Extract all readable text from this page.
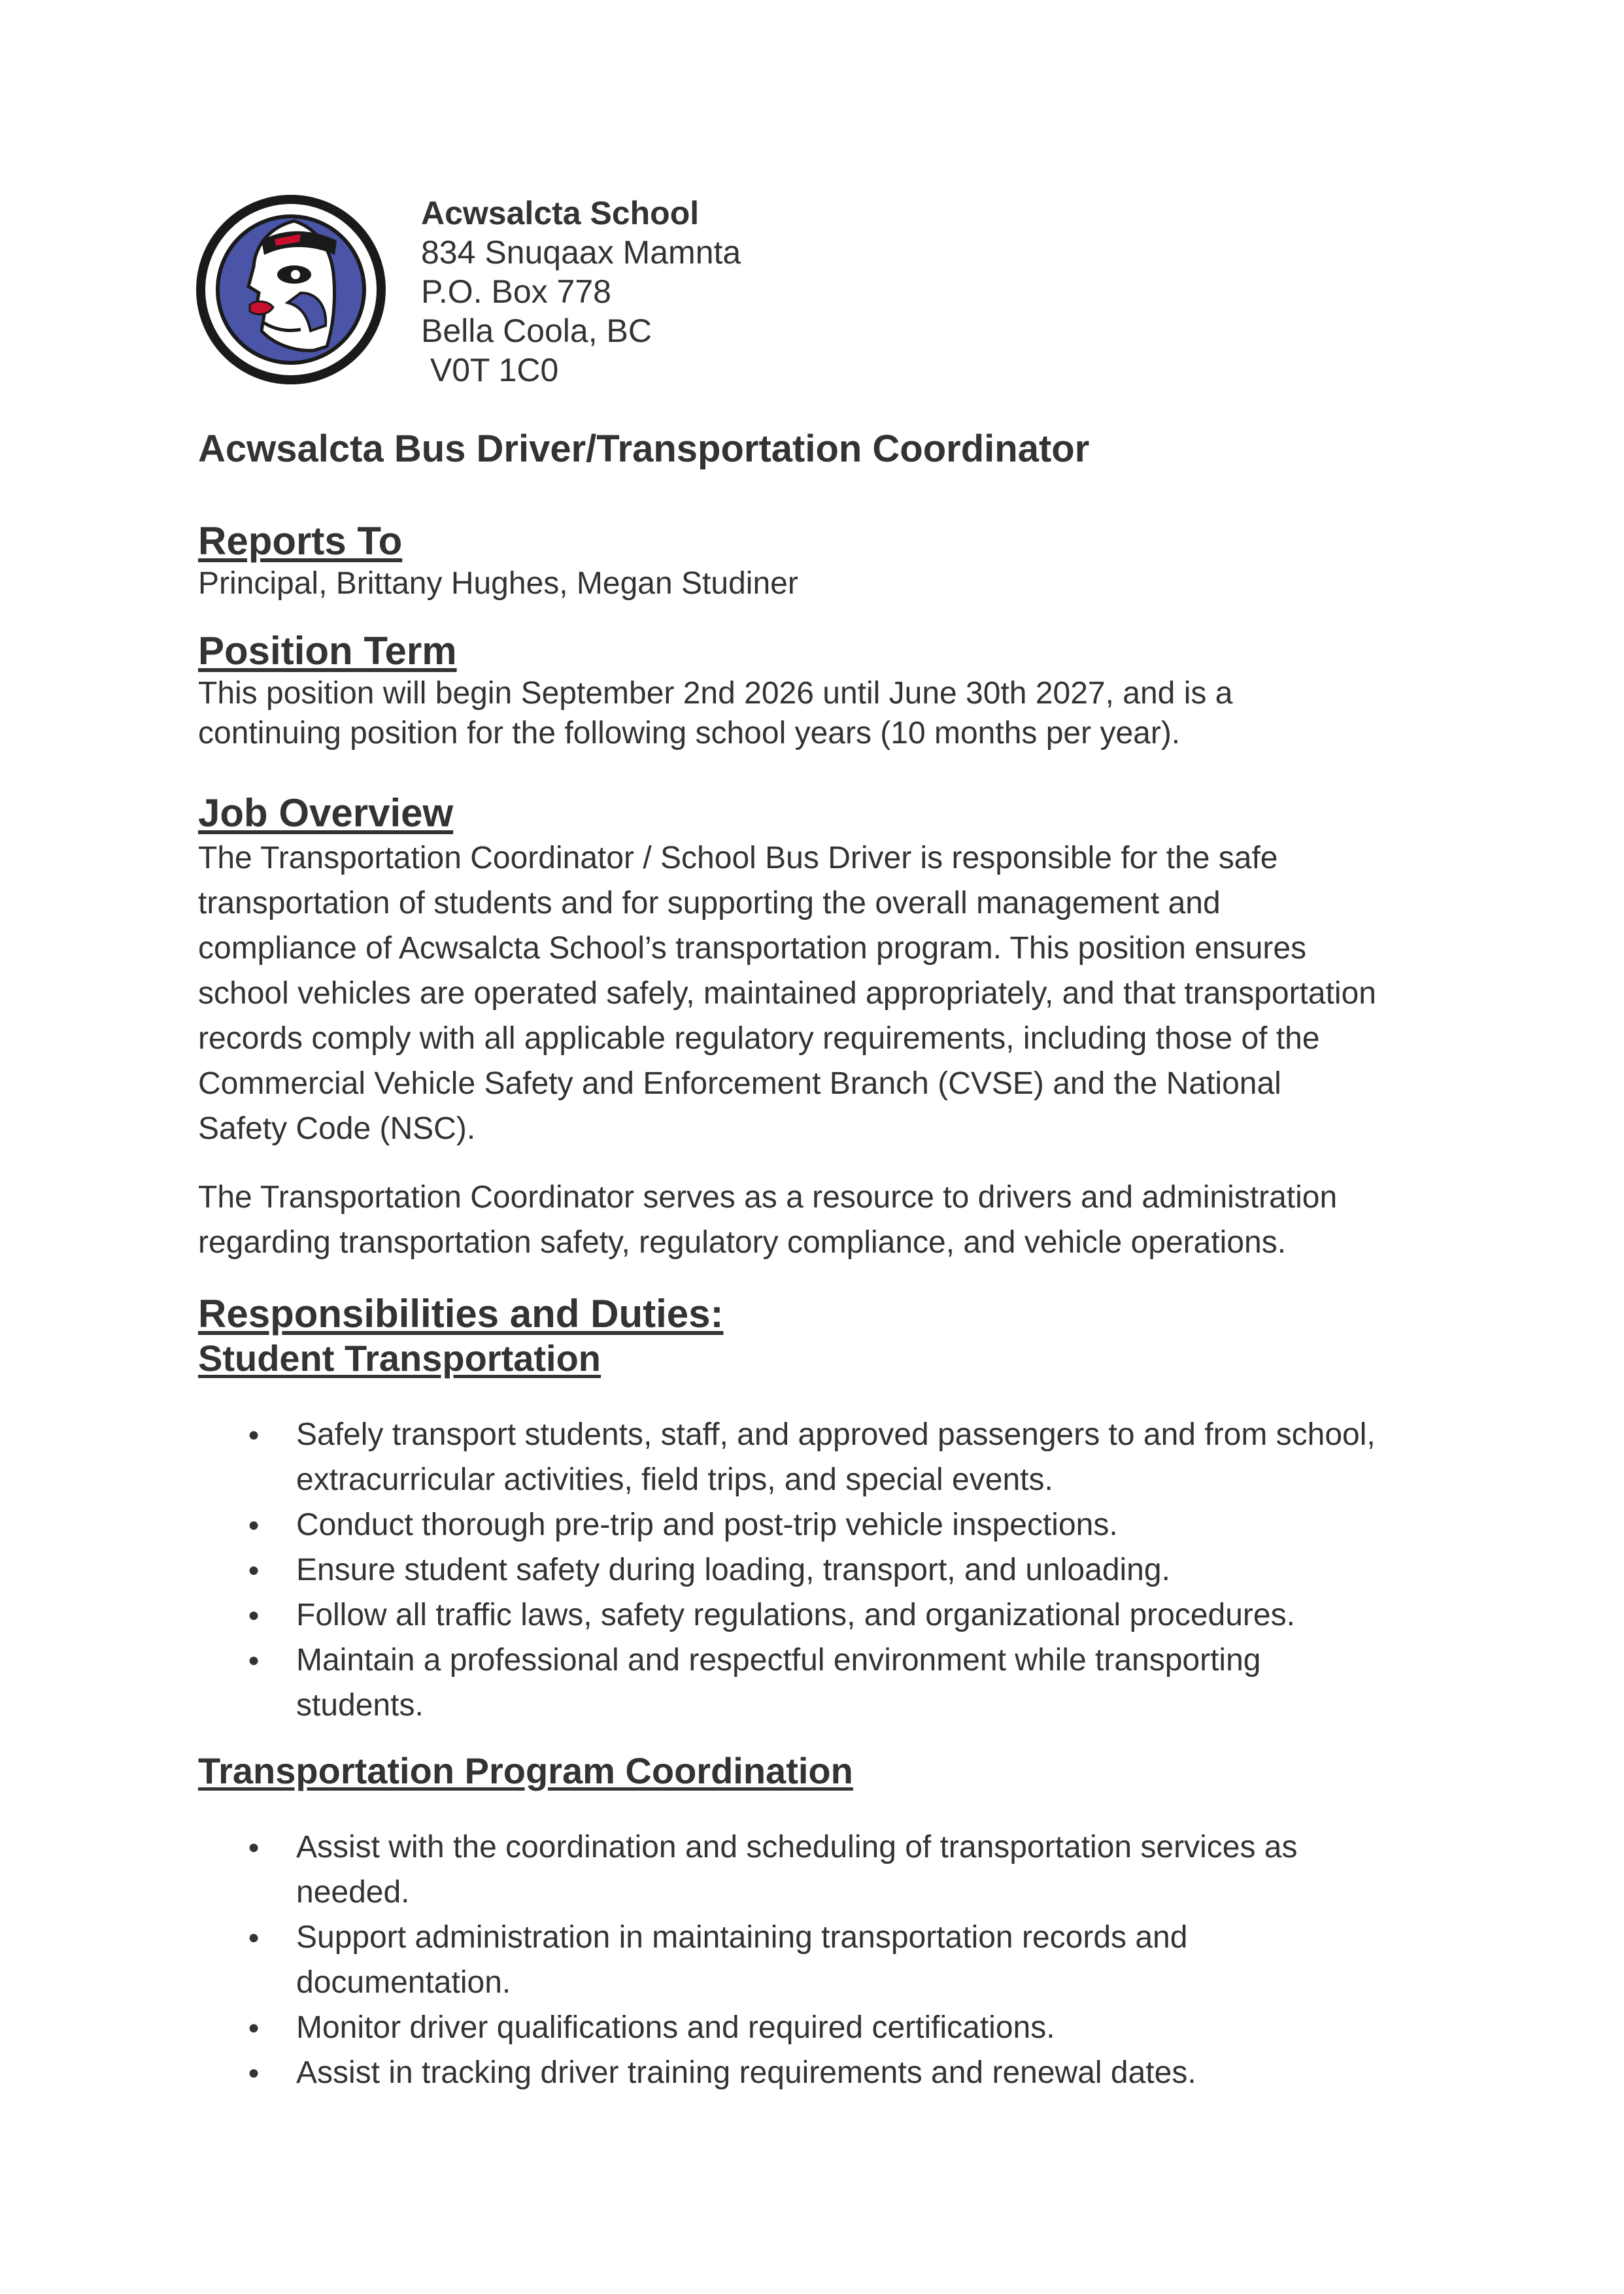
Acwsalcta School
834 Snuqaax Mamnta
P.O. Box 778
Bella Coola, BC
V0T 1C0
Acwsalcta Bus Driver/Transportation Coordinator
Reports To
Principal, Brittany Hughes, Megan Studiner
Position Term
This position will begin September 2nd 2026 until June 30th 2027, and is a
continuing position for the following school years (10 months per year).
Job Overview
The Transportation Coordinator / School Bus Driver is responsible for the safe
transportation of students and for supporting the overall management and
compliance of Acwsalcta School’s transportation program. This position ensures
school vehicles are operated safely, maintained appropriately, and that transportation
records comply with all applicable regulatory requirements, including those of the
Commercial Vehicle Safety and Enforcement Branch (CVSE) and the National
Safety Code (NSC).
The Transportation Coordinator serves as a resource to drivers and administration
regarding transportation safety, regulatory compliance, and vehicle operations.
Responsibilities and Duties:
Student Transportation
● Safely transport students, staff, and approved passengers to and from school,
extracurricular activities, field trips, and special events.
● Conduct thorough pre-trip and post-trip vehicle inspections.
● Ensure student safety during loading, transport, and unloading.
● Follow all traffic laws, safety regulations, and organizational procedures.
● Maintain a professional and respectful environment while transporting
students.
Transportation Program Coordination
● Assist with the coordination and scheduling of transportation services as
needed.
● Support administration in maintaining transportation records and
documentation.
● Monitor driver qualifications and required certifications.
● Assist in tracking driver training requirements and renewal dates.
